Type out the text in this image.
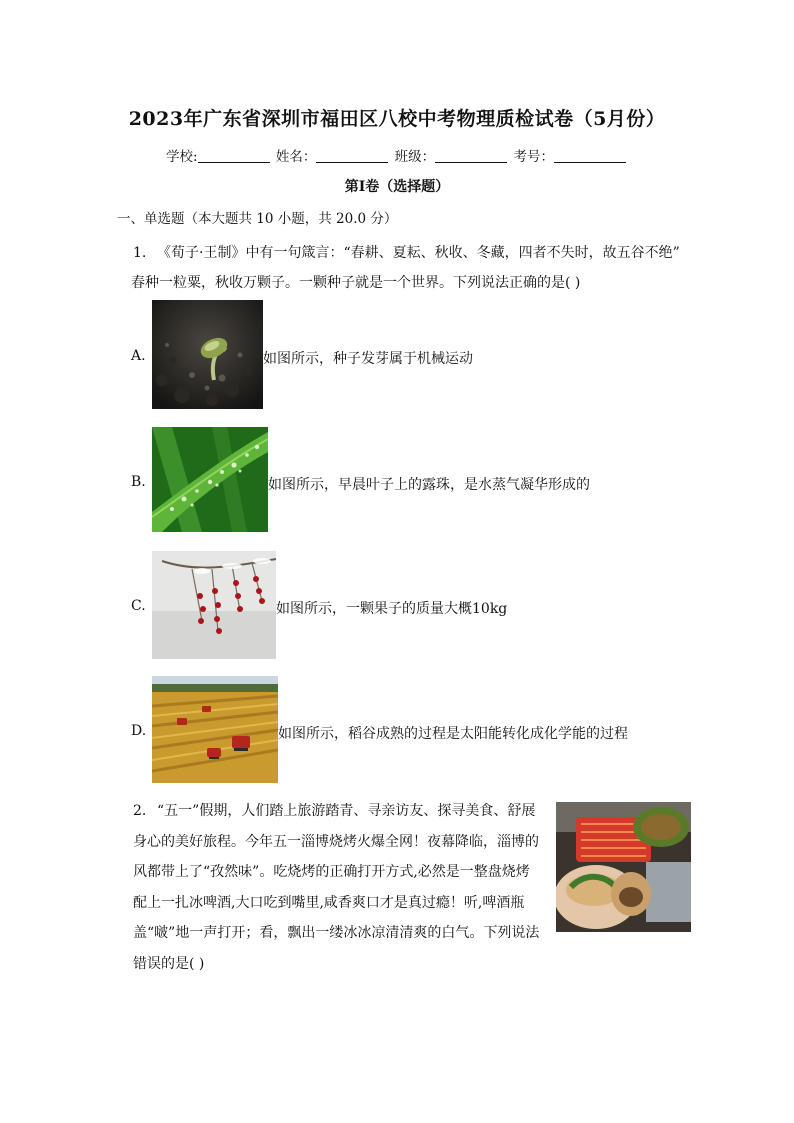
2023年广东省深圳市福田区八校中考物理质检试卷（5月份）
学校:	姓名：	班级：	考号：
第Ⅰ卷（选择题）
一、单选题（本大题共 10 小题，共 20.0 分）
1. 《荀子·王制》中有一句箴言：“春耕、夏耘、秋收、冬藏，四者不失时，故五谷不绝”
春种一粒粟，秋收万颗子。一颗种子就是一个世界。下列说法正确的是( )
A.	如图所示，种子发芽属于机械运动
B.	如图所示，早晨叶子上的露珠，是水蒸气凝华形成的
C.	如图所示，一颗果子的质量大概10kg
D.	如图所示，稻谷成熟的过程是太阳能转化成化学能的过程
2. “五一”假期，人们踏上旅游踏青、寻亲访友、探寻美食、舒展身心的美好旅程。今年五一淄博烧烤火爆全网！夜幕降临，淄博的风都带上了“孜然味”。吃烧烤的正确打开方式,必然是一整盘烧烤配上一扎冰啤酒,大口吃到嘴里,咸香爽口才是真过瘾！听,啤酒瓶盖“啵”地一声打开；看，飘出一缕冰冰凉清清爽的白气。下列说法错误的是( )
